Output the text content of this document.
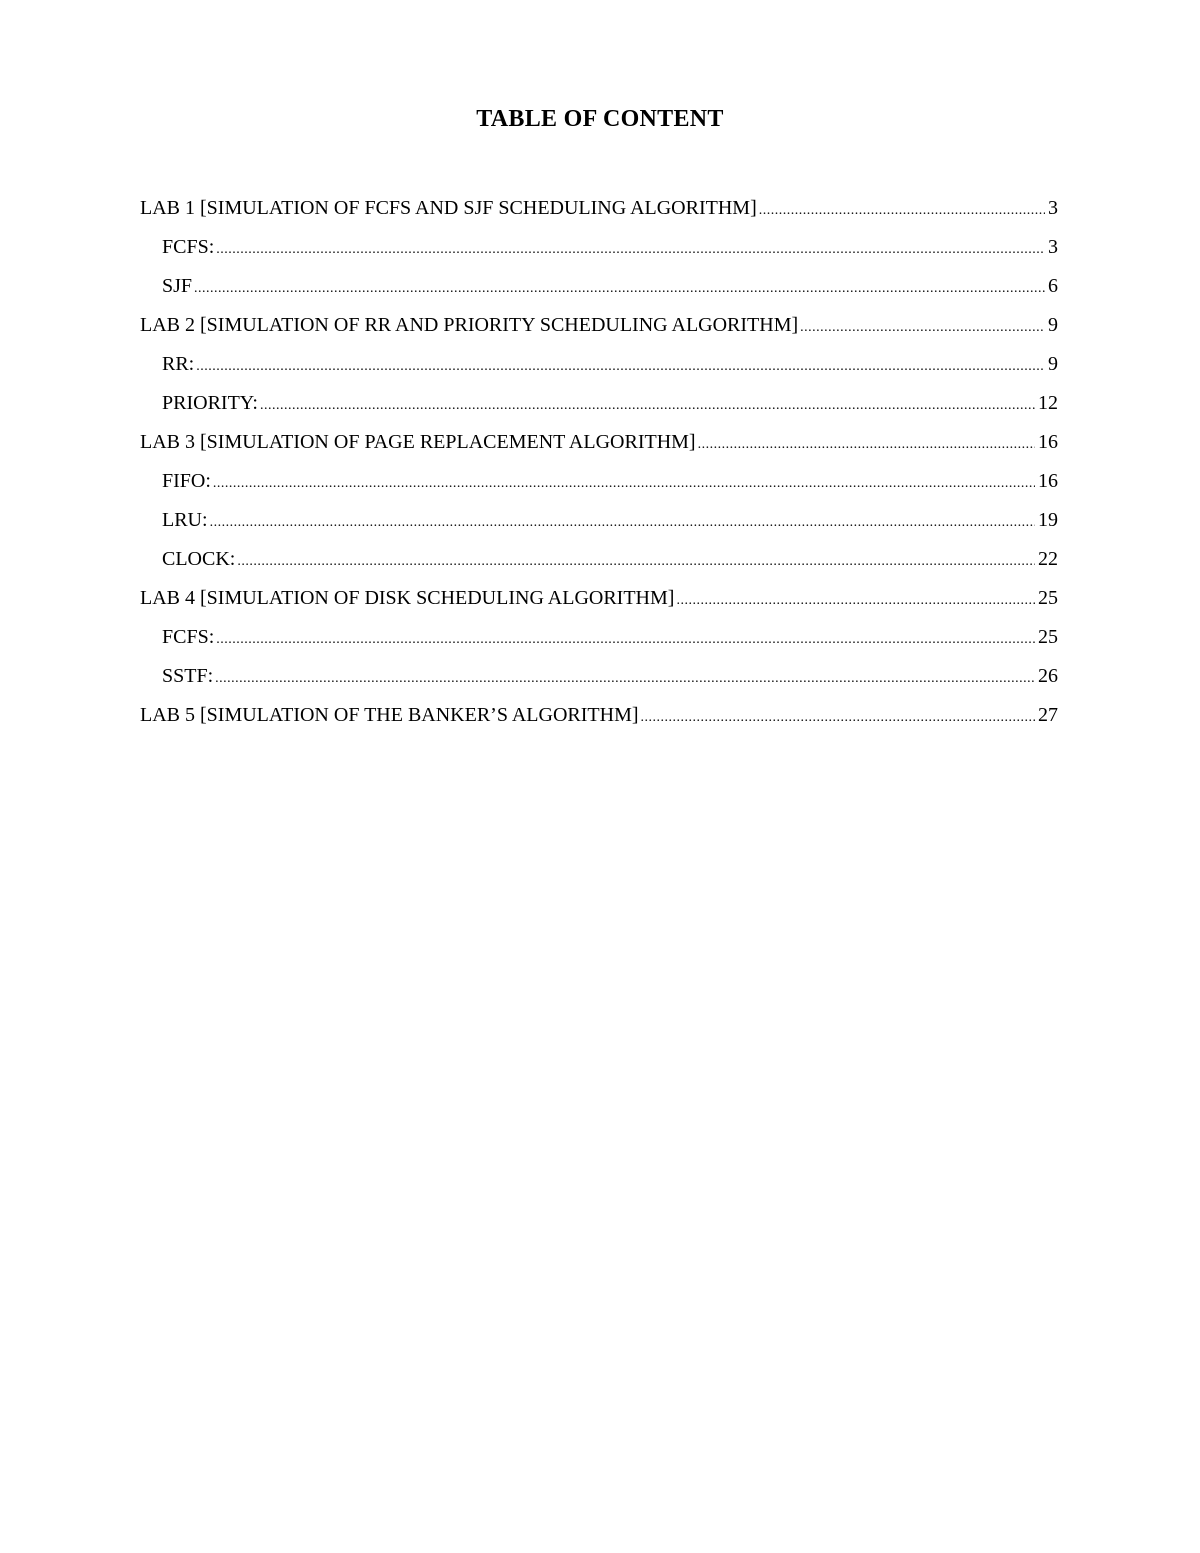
TABLE OF CONTENT
LAB 1 [SIMULATION OF FCFS AND SJF SCHEDULING ALGORITHM] .....	3
FCFS: .....	3
SJF .....	6
LAB 2 [SIMULATION OF RR AND PRIORITY SCHEDULING ALGORITHM] .....	9
RR: .....	9
PRIORITY: .....	12
LAB 3 [SIMULATION OF PAGE REPLACEMENT ALGORITHM] .....	16
FIFO: .....	16
LRU: .....	19
CLOCK: .....	22
LAB 4 [SIMULATION OF DISK SCHEDULING ALGORITHM] .....	25
FCFS: .....	25
SSTF: .....	26
LAB 5 [SIMULATION OF THE BANKER’S ALGORITHM] .....	27
